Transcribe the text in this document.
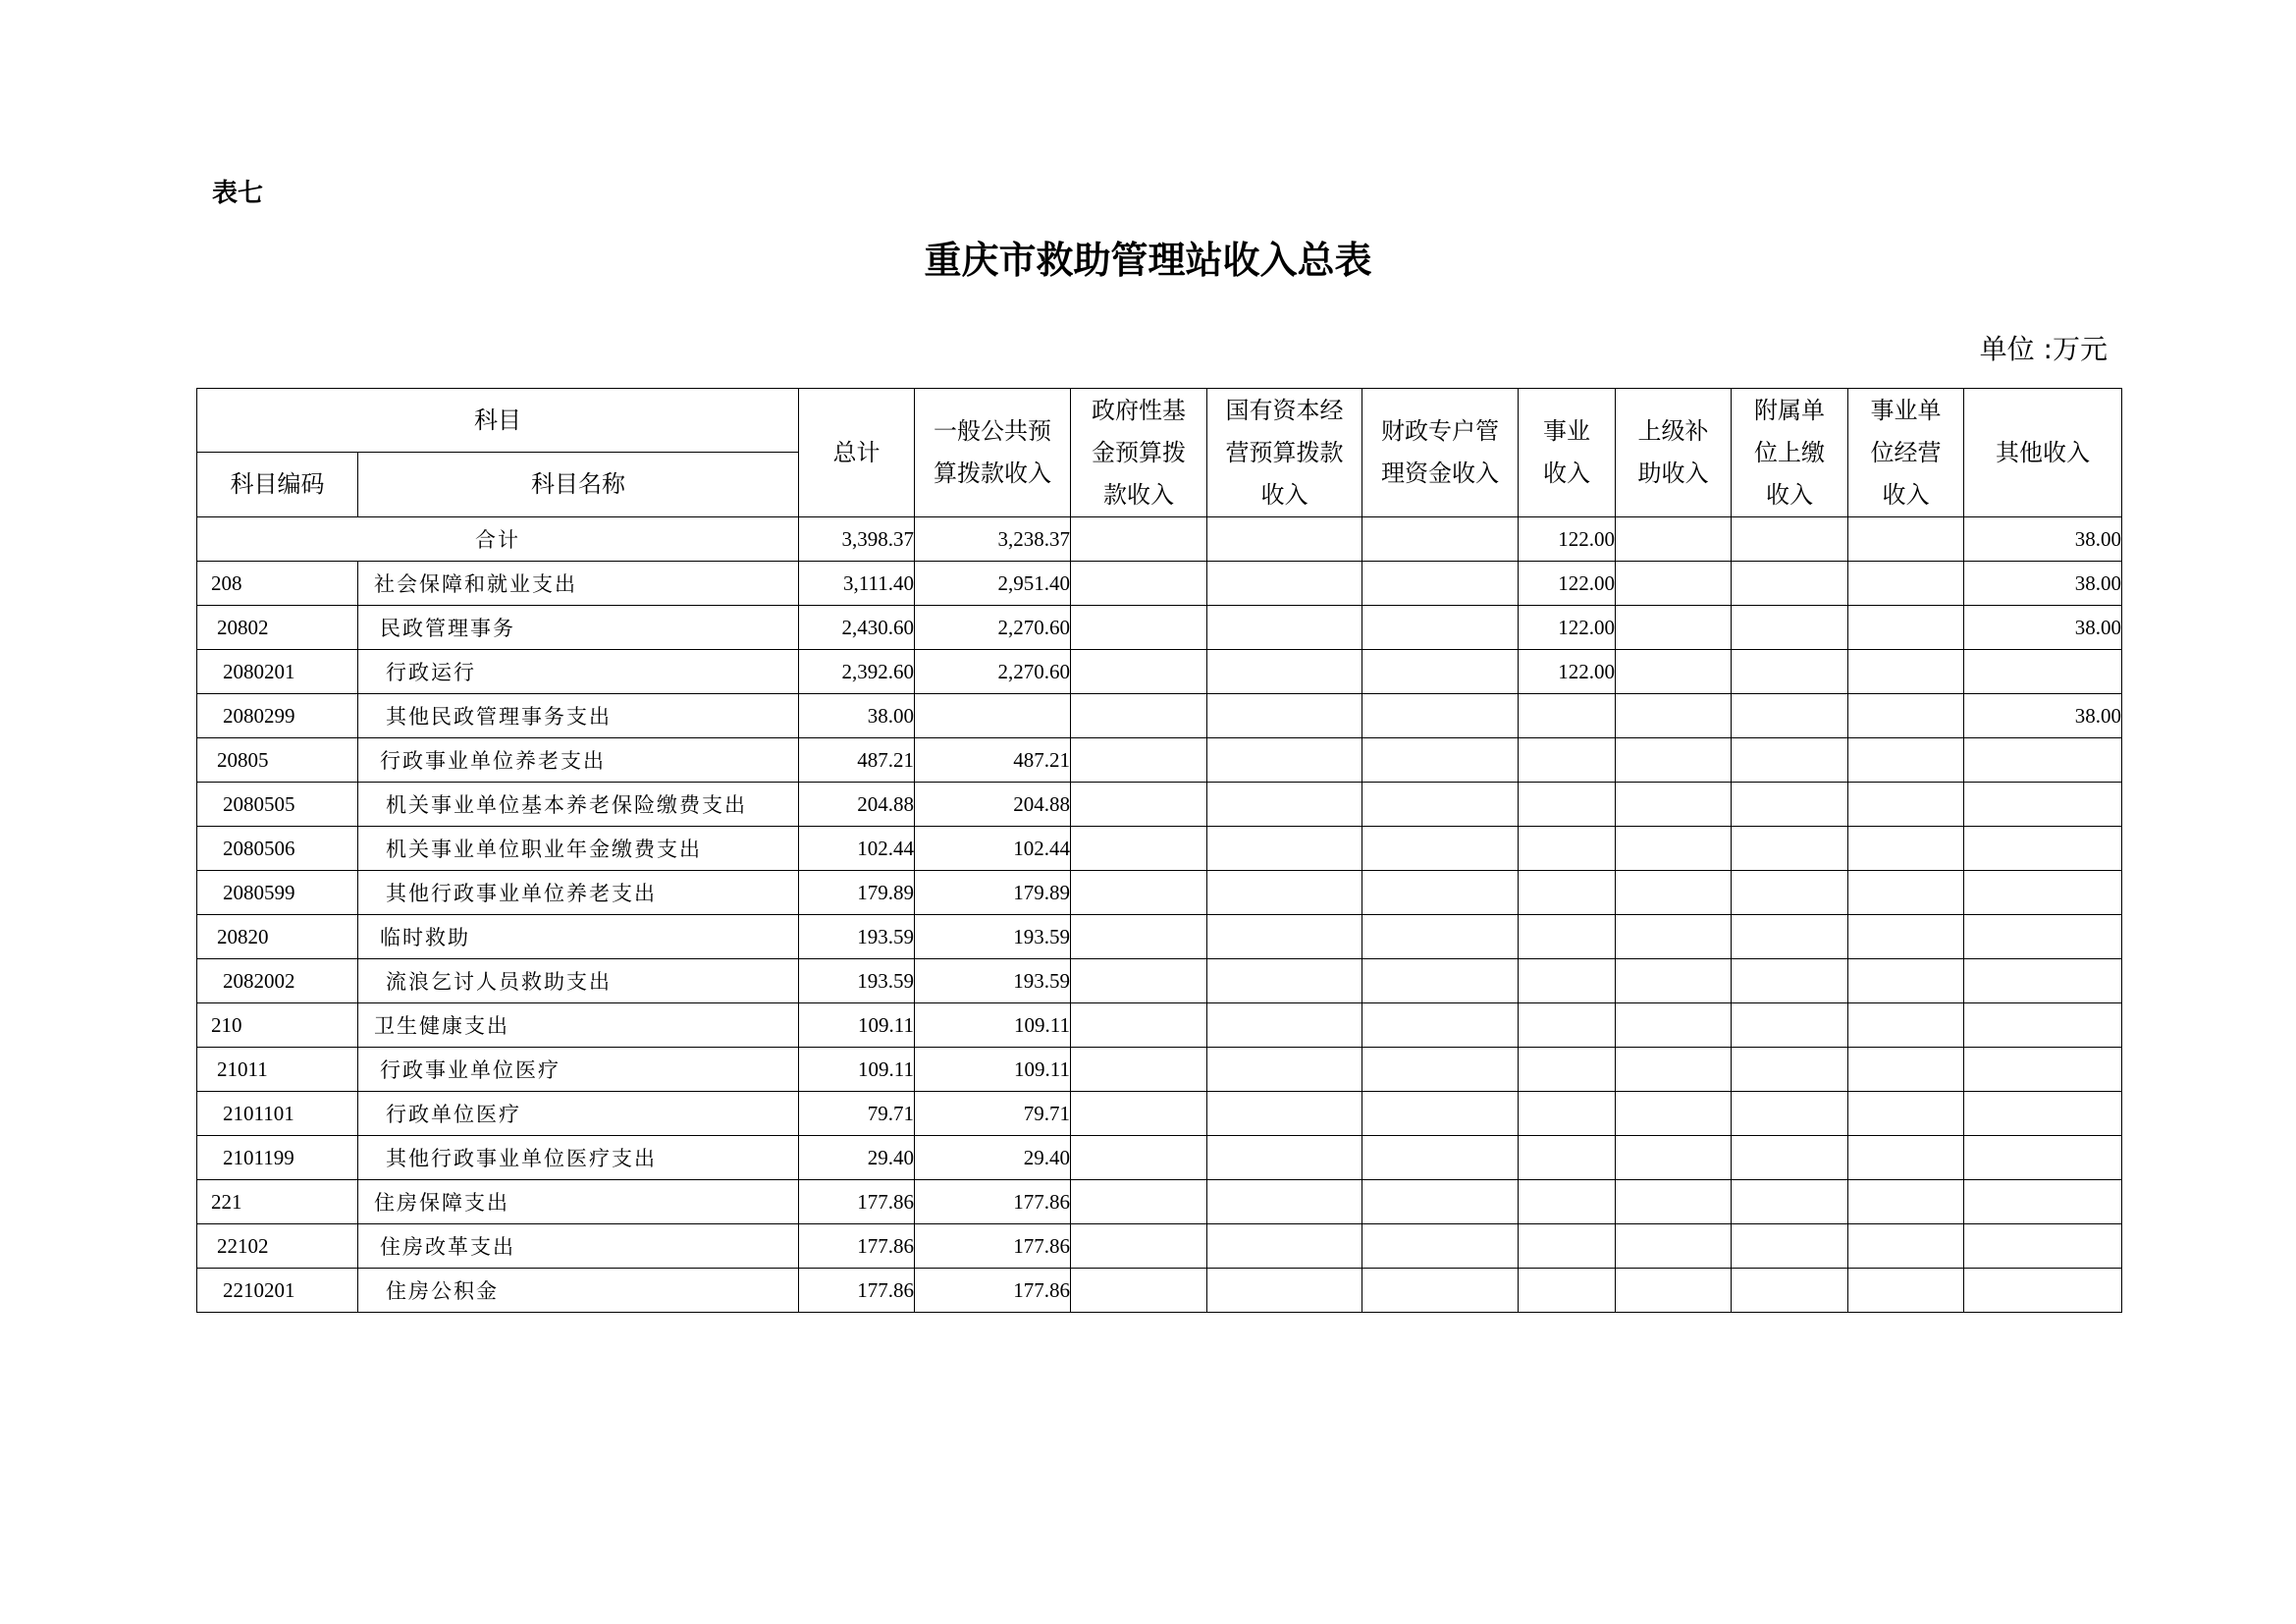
表七
重庆市救助管理站收入总表
单位 :万元
科目		总计	一般公共预算拨款收入	政府性基金预算拨款收入	国有资本经营预算拨款收入	财政专户管理资金收入	事业收入	上级补助收入	附属单位上缴收入	事业单位经营收入	其他收入
科目编码	科目名称										
合计		3,398.37	3,238.37				122.00				38.00
208	社会保障和就业支出	3,111.40	2,951.40				122.00				38.00
20802	民政管理事务	2,430.60	2,270.60				122.00				38.00
2080201	行政运行	2,392.60	2,270.60				122.00				
2080299	其他民政管理事务支出	38.00									38.00
20805	行政事业单位养老支出	487.21	487.21								
2080505	机关事业单位基本养老保险缴费支出	204.88	204.88								
2080506	机关事业单位职业年金缴费支出	102.44	102.44								
2080599	其他行政事业单位养老支出	179.89	179.89								
20820	临时救助	193.59	193.59								
2082002	流浪乞讨人员救助支出	193.59	193.59								
210	卫生健康支出	109.11	109.11								
21011	行政事业单位医疗	109.11	109.11								
2101101	行政单位医疗	79.71	79.71								
2101199	其他行政事业单位医疗支出	29.40	29.40								
221	住房保障支出	177.86	177.86								
22102	住房改革支出	177.86	177.86								
2210201	住房公积金	177.86	177.86								
